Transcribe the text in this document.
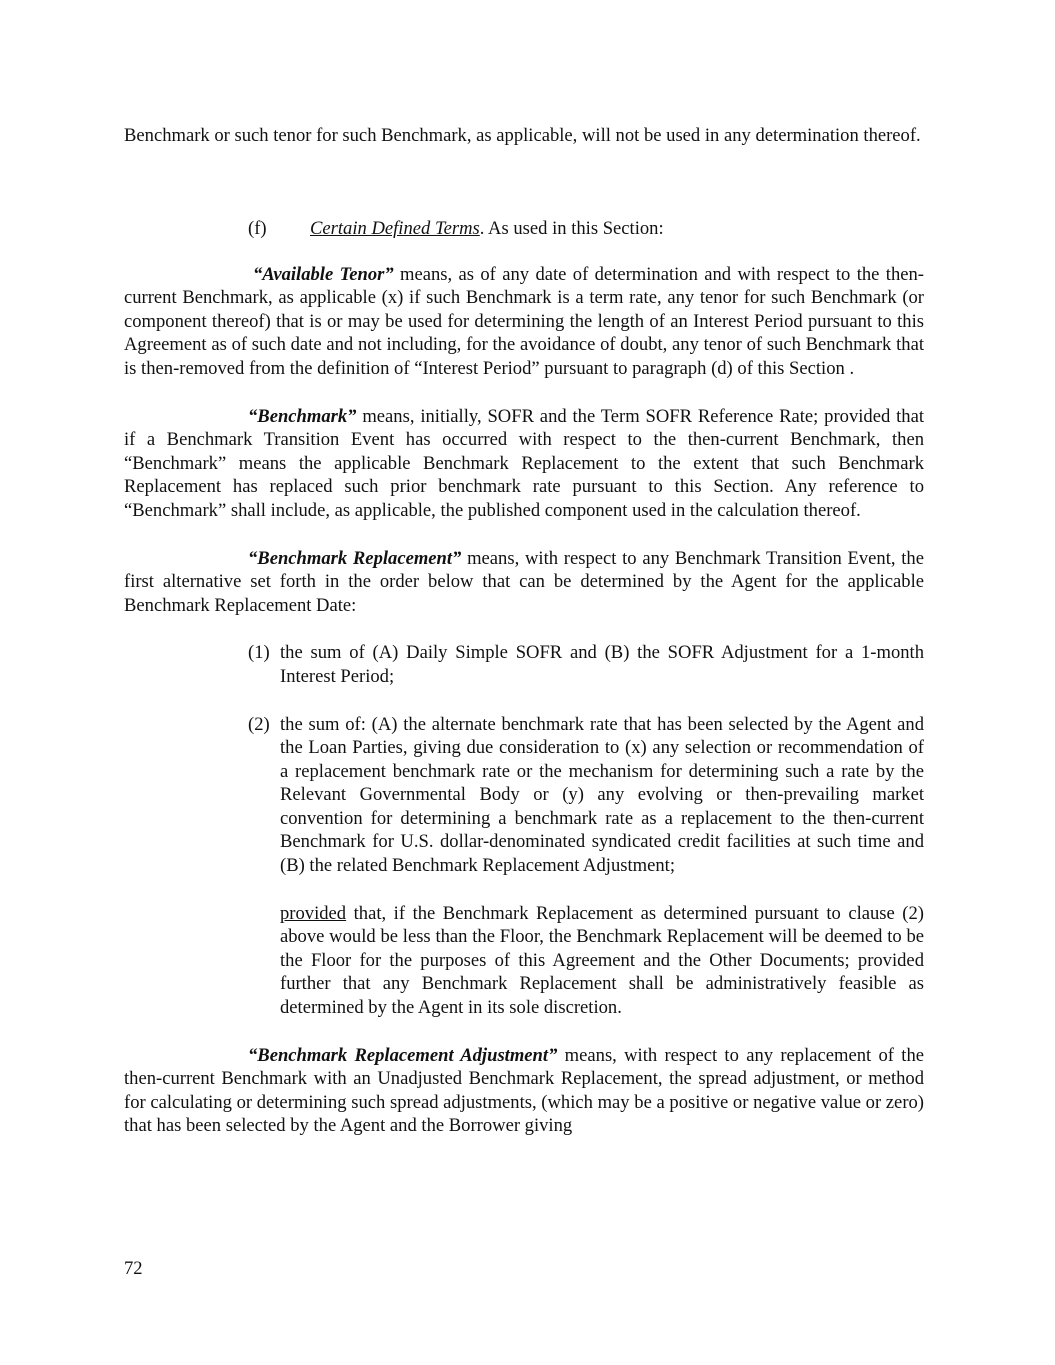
Benchmark or such tenor for such Benchmark, as applicable, will not be used in any determination thereof.

“Available Tenor” means, as of any date of determination and with respect to the then-current Benchmark, as applicable (x) if such Benchmark is a term rate, any tenor for such Benchmark (or component thereof) that is or may be used for determining the length of an Interest Period pursuant to this Agreement as of such date and not including, for the avoidance of doubt, any tenor of such Benchmark that is then-removed from the definition of “Interest Period” pursuant to paragraph (d) of this Section .

“Benchmark” means, initially, SOFR and the Term SOFR Reference Rate; provided that if a Benchmark Transition Event has occurred with respect to the then-current Benchmark, then “Benchmark” means the applicable Benchmark Replacement to the extent that such Benchmark Replacement has replaced such prior benchmark rate pursuant to this Section. Any reference to “Benchmark” shall include, as applicable, the published component used in the calculation thereof.

“Benchmark Replacement” means, with respect to any Benchmark Transition Event, the first alternative set forth in the order below that can be determined by the Agent for the applicable Benchmark Replacement Date:

(1) the sum of (A) Daily Simple SOFR and (B) the SOFR Adjustment for a 1-month Interest Period;

(2) the sum of: (A) the alternate benchmark rate that has been selected by the Agent and the Loan Parties, giving due consideration to (x) any selection or recommendation of a replacement benchmark rate or the mechanism for determining such a rate by the Relevant Governmental Body or (y) any evolving or then-prevailing market convention for determining a benchmark rate as a replacement to the then-current Benchmark for U.S. dollar-denominated syndicated credit facilities at such time and (B) the related Benchmark Replacement Adjustment;

provided that, if the Benchmark Replacement as determined pursuant to clause (2) above would be less than the Floor, the Benchmark Replacement will be deemed to be the Floor for the purposes of this Agreement and the Other Documents; provided further that any Benchmark Replacement shall be administratively feasible as determined by the Agent in its sole discretion.

“Benchmark Replacement Adjustment” means, with respect to any replacement of the then-current Benchmark with an Unadjusted Benchmark Replacement, the spread adjustment, or method for calculating or determining such spread adjustments, (which may be a positive or negative value or zero) that has been selected by the Agent and the Borrower giving

(f) Certain Defined Terms. As used in this Section:
72
